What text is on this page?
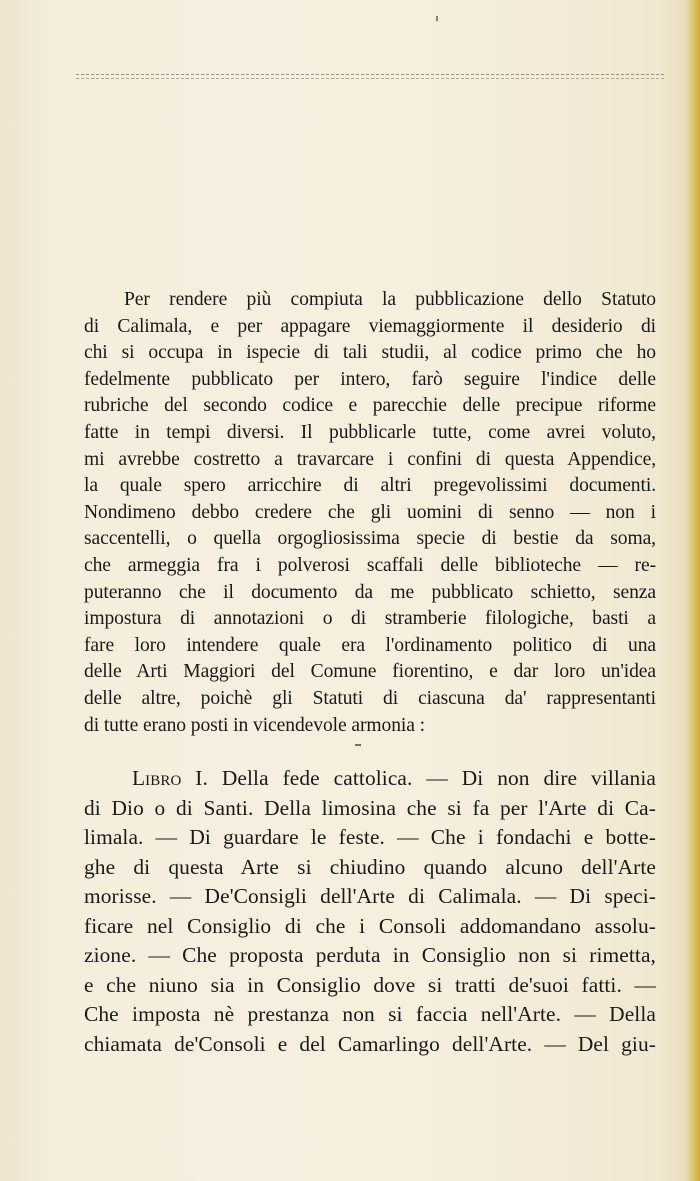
Per rendere più compiuta la pubblicazione dello Statuto
di Calimala, e per appagare viemaggiormente il desiderio di
chi si occupa in ispecie di tali studii, al codice primo che ho
fedelmente pubblicato per intero, farò seguire l'indice delle
rubriche del secondo codice e parecchie delle precipue riforme
fatte in tempi diversi. Il pubblicarle tutte, come avrei voluto,
mi avrebbe costretto a travarcare i confini di questa Appendice,
la quale spero arricchire di altri pregevolissimi documenti.
Nondimeno debbo credere che gli uomini di senno — non i
saccentelli, o quella orgogliosissima specie di bestie da soma,
che armeggia fra i polverosi scaffali delle biblioteche — re-
puteranno che il documento da me pubblicato schietto, senza
impostura di annotazioni o di stramberie filologiche, basti a
fare loro intendere quale era l'ordinamento politico di una
delle Arti Maggiori del Comune fiorentino, e dar loro un'idea
delle altre, poichè gli Statuti di ciascuna da' rappresentanti
di tutte erano posti in vicendevole armonia :

Libro I. Della fede cattolica. — Di non dire villania
di Dio o di Santi. Della limosina che si fa per l'Arte di Ca-
limala. — Di guardare le feste. — Che i fondachi e botte-
ghe di questa Arte si chiudino quando alcuno dell'Arte
morisse. — De'Consigli dell'Arte di Calimala. — Di speci-
ficare nel Consiglio di che i Consoli addomandano assolu-
zione. — Che proposta perduta in Consiglio non si rimetta,
e che niuno sia in Consiglio dove si tratti de'suoi fatti. —
Che imposta nè prestanza non si faccia nell'Arte. — Della
chiamata de'Consoli e del Camarlingo dell'Arte. — Del giu-
